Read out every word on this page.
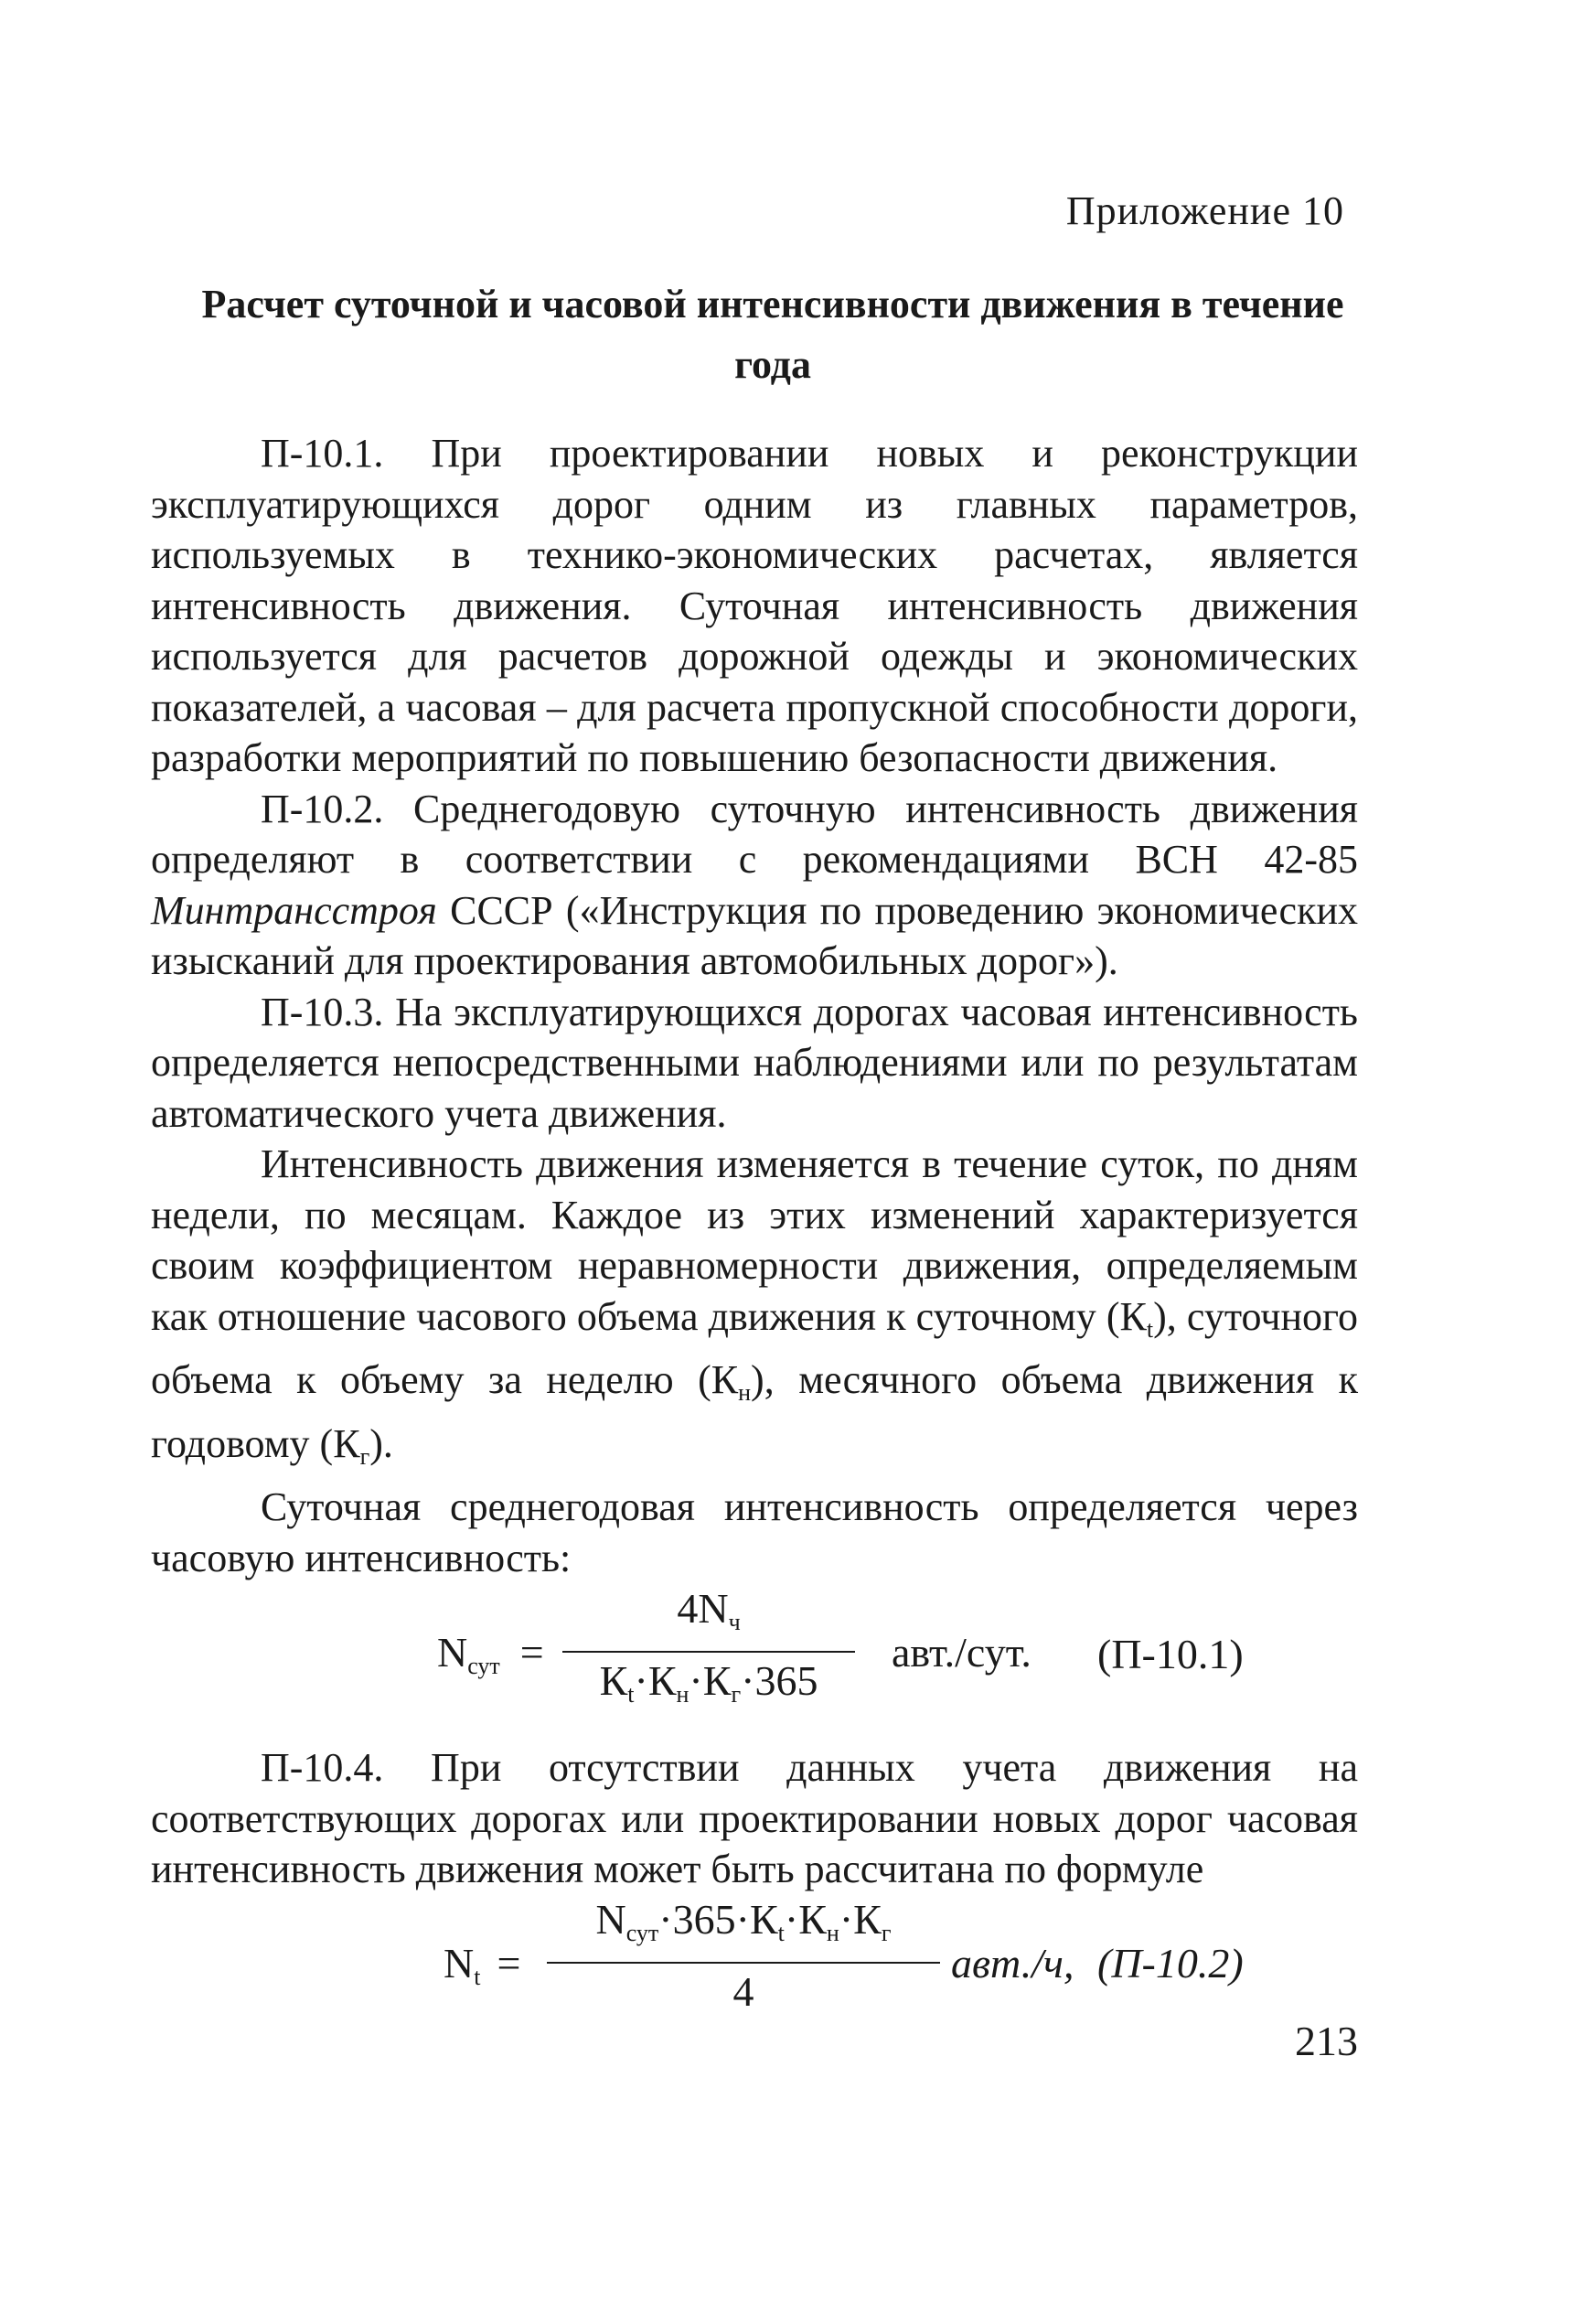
Приложение 10
Расчет суточной и часовой интенсивности движения в течение
года

П-10.1. При проектировании новых и реконструкции эксплуатирующихся дорог одним из главных параметров, используемых в технико-экономических расчетах, является интенсивность движения. Суточная интенсивность движения используется для расчетов дорожной одежды и экономических показателей, а часовая – для расчета пропускной способности дороги, разработки мероприятий по повышению безопасности движения.

П-10.2. Среднегодовую суточную интенсивность движения определяют в соответствии с рекомендациями ВСН 42-85 Минтрансстроя СССР («Инструкция по проведению экономических изысканий для проектирования автомобильных дорог»).

П-10.3. На эксплуатирующихся дорогах часовая интенсивность определяется непосредственными наблюдениями или по результатам автоматического учета движения.

Интенсивность движения изменяется в течение суток, по дням недели, по месяцам. Каждое из этих изменений характеризуется своим коэффициентом неравномерности движения, определяемым как отношение часового объема движения к суточному $(К_t)$, суточного объема к объему за неделю $(К_н)$, месячного объема движения к годовому $(К_г)$.

Суточная среднегодовая интенсивность определяется через часовую интенсивность:

$N_{сут}$ =
$4N_ч$
$К_t\cdot К_н\cdot К_г\cdot 365$
авт./сут. (П-10.1)

П-10.4. При отсутствии данных учета движения на соответствующих дорогах или проектировании новых дорог часовая интенсивность движения может быть рассчитана по формуле

$N_t$ =
$N_{сут}\cdot 365\cdot К_t\cdot К_н\cdot К_г$
4
авт./ч, (П-10.2)
213
